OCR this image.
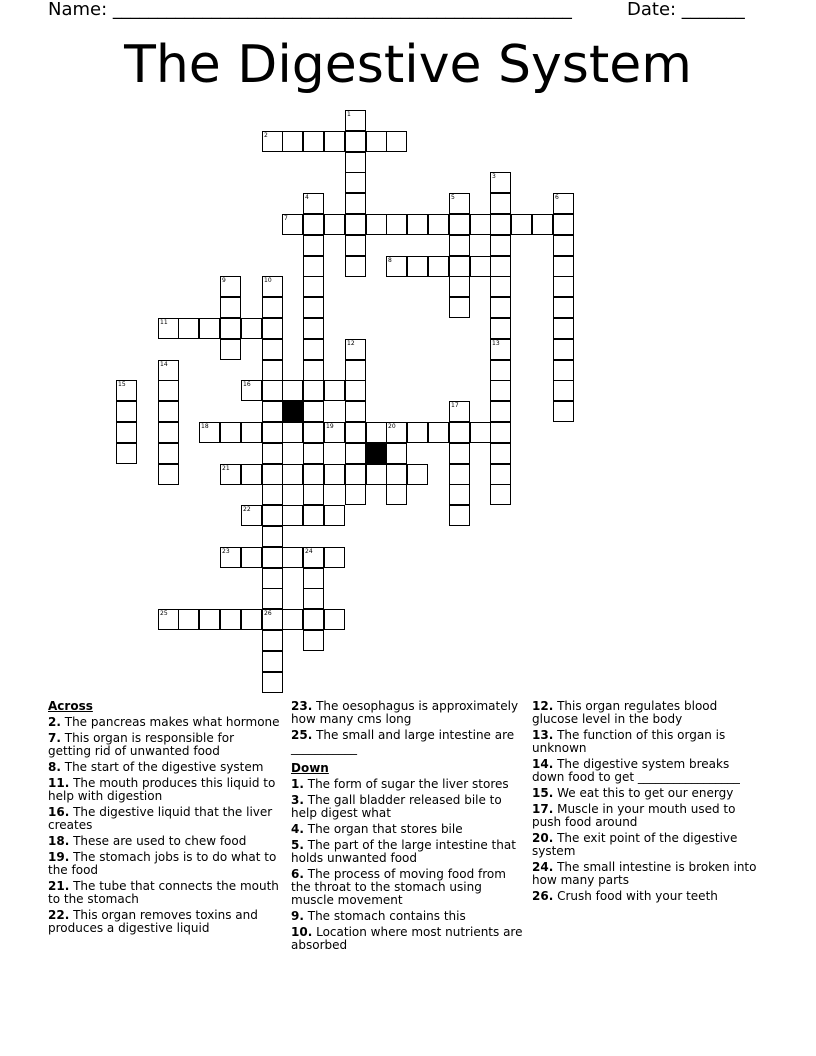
Name: ___________________________________________________	Date: _______
The Digestive System
2
7
8
11
16
18	19	20
21
22
23	24
25	26
1
3
4	5	6
9	10
12	13
14
15
17
Across
2. The pancreas makes what hormone
7. This organ is responsible for getting rid of unwanted food
8. The start of the digestive system
11. The mouth produces this liquid to help with digestion
16. The digestive liquid that the liver creates
18. These are used to chew food
19. The stomach jobs is to do what to the food
21. The tube that connects the mouth to the stomach
22. This organ removes toxins and produces a digestive liquid
23. The oesophagus is approximately how many cms long
25. The small and large intestine are ___________
Down
1. The form of sugar the liver stores
3. The gall bladder released bile to help digest what
4. The organ that stores bile
5. The part of the large intestine that holds unwanted food
6. The process of moving food from the throat to the stomach using muscle movement
9. The stomach contains this
10. Location where most nutrients are absorbed
12. This organ regulates blood glucose level in the body
13. The function of this organ is unknown
14. The digestive system breaks down food to get _________________
15. We eat this to get our energy
17. Muscle in your mouth used to push food around
20. The exit point of the digestive system
24. The small intestine is broken into how many parts
26. Crush food with your teeth
